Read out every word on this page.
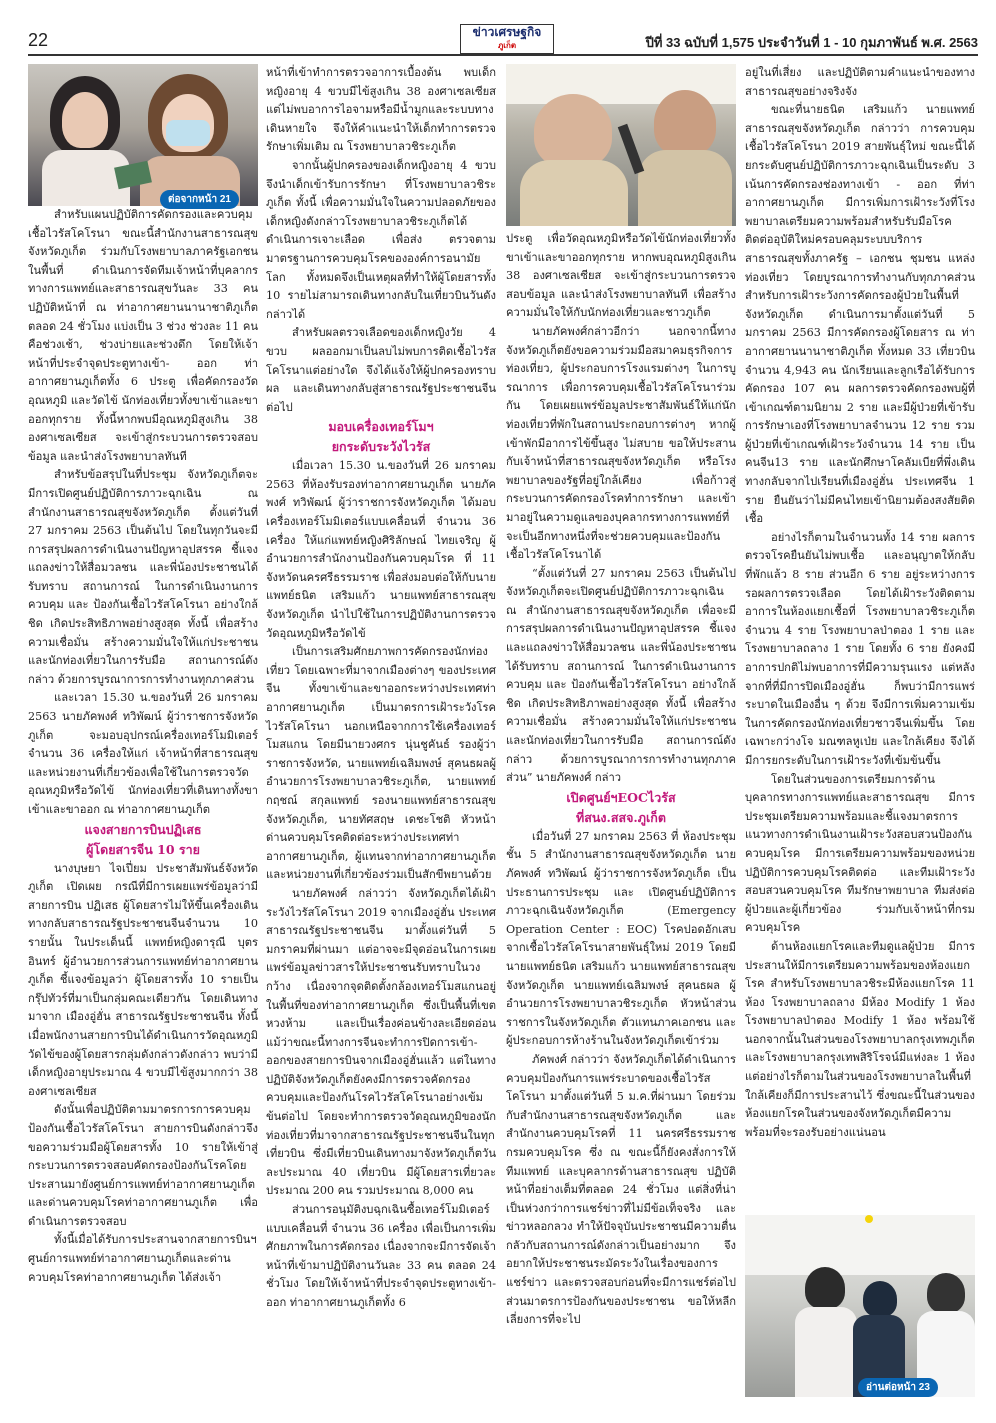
22	ข่าวเศรษฐกิจ
ภูเก็ต	ปีที่ 33 ฉบับที่ 1,575 ประจำวันที่ 1 - 10 กุมภาพันธ์ พ.ศ. 2563
ต่อจากหน้า 21
อ่านต่อหน้า 23

สำหรับแผนปฏิบัติการคัดกรองและควบคุมเชื้อไวรัสโคโรนา ขณะนี้สำนักงานสาธารณสุขจังหวัดภูเก็ต ร่วมกับโรงพยาบาลภาครัฐเอกชนในพื้นที่ ดำเนินการจัดทีมเจ้าหน้าที่บุคลากรทางการแพทย์และสาธารณสุขวันละ 33 คนปฏิบัติหน้าที่ ณ ท่าอากาศยานนานาชาติภูเก็ต ตลอด 24 ชั่วโมง แบ่งเป็น 3 ช่วง ช่วงละ 11 คน คือช่วงเช้า, ช่วงบ่ายและช่วงดึก โดยให้เจ้าหน้าที่ประจำจุดประตูทางเข้า- ออก ท่าอากาศยานภูเก็ตทั้ง 6 ประตู เพื่อคัดกรองวัดอุณหภูมิ และวัดไข้ นักท่องเที่ยวทั้งขาเข้าและขาออกทุกราย ทั้งนี้หากพบมีอุณหภูมิสูงเกิน 38 องศาเซลเซียส จะเข้าสู่กระบวนการตรวจสอบข้อมูล และนำส่งโรงพยาบาลทันที

สำหรับข้อสรุปในที่ประชุม จังหวัดภูเก็ตจะมีการเปิดศูนย์ปฏิบัติการภาวะฉุกเฉิน ณ สำนักงานสาธารณสุขจังหวัดภูเก็ต ตั้งแต่วันที่ 27 มกราคม 2563 เป็นต้นไป โดยในทุกวันจะมีการสรุปผลการดำเนินงานปัญหาอุปสรรค ชี้แจงแถลงข่าวให้สื่อมวลชน และพี่น้องประชาชนได้รับทราบ สถานการณ์ ในการดำเนินงานการควบคุม และ ป้องกันเชื้อไวรัสโคโรนา อย่างใกล้ชิด เกิดประสิทธิภาพอย่างสูงสุด ทั้งนี้ เพื่อสร้างความเชื่อมั่น สร้างความมั่นใจให้แก่ประชาชน และนักท่องเที่ยวในการรับมือ สถานการณ์ดังกล่าว ด้วยการบูรณาการการทำงานทุกภาคส่วน

และเวลา 15.30 น.ของวันที่ 26 มกราคม 2563 นายภัคพงศ์ ทวิพัฒน์ ผู้ว่าราชการจังหวัดภูเก็ต จะมอบอุปกรณ์เครื่องเทอร์โมมิเตอร์ จำนวน 36 เครื่องให้แก่ เจ้าหน้าที่สาธารณสุขและหน่วยงานที่เกี่ยวข้องเพื่อใช้ในการตรวจวัดอุณหภูมิหรือวัดไข้ นักท่องเที่ยวที่เดินทางทั้งขาเข้าและขาออก ณ ท่าอากาศยานภูเก็ต

แจงสายการบินปฏิเสธ
ผู้โดยสารจีน 10 ราย

นางบุษยา ไจเปี่ยม ประชาสัมพันธ์จังหวัดภูเก็ต เปิดเผย กรณีที่มีการเผยแพร่ข้อมูลว่ามีสายการบิน ปฏิเสธ ผู้โดยสารไม่ให้ขึ้นเครื่องเดินทางกลับสาธารณรัฐประชาชนจีนจำนวน 10 รายนั้น ในประเด็นนี้ แพทย์หญิงดารุณี บุตรอินทร์ ผู้อำนวยการส่วนการแพทย์ท่าอากาศยานภูเก็ต ชี้แจงข้อมูลว่า ผู้โดยสารทั้ง 10 รายเป็นกรุ๊ปทัวร์ที่มาเป็นกลุ่มคณะเดียวกัน โดยเดินทางมาจาก เมืองอู่ฮั่น สาธารณรัฐประชาชนจีน ทั้งนี้ เมื่อพนักงานสายการบินได้ดำเนินการวัดอุณหภูมิวัดไข้ของผู้โดยสารกลุ่มดังกล่าวดังกล่าว พบว่ามีเด็กหญิงอายุประมาณ 4 ขวบมีไข้สูงมากกว่า 38 องศาเซลเซียส

ดังนั้นเพื่อปฏิบัติตามมาตรการการควบคุมป้องกันเชื้อไวรัสโคโรนา สายการบินดังกล่าวจึงขอความร่วมมือผู้โดยสารทั้ง 10 รายให้เข้าสู่กระบวนการตรวจสอบคัดกรองป้องกันโรคโดยประสานมายังศูนย์การแพทย์ท่าอากาศยานภูเก็ต และด่านควบคุมโรคท่าอากาศยานภูเก็ต เพื่อดำเนินการตรวจสอบ

ทั้งนี้เมื่อได้รับการประสานจากสายการบินฯ ศูนย์การแพทย์ท่าอากาศยานภูเก็ตและด่านควบคุมโรคท่าอากาศยานภูเก็ต ได้ส่งเจ้า

หน้าที่เข้าทำการตรวจอาการเบื้องต้น พบเด็กหญิงอายุ 4 ขวบมีไข้สูงเกิน 38 องศาเซลเซียส แต่ไม่พบอาการไอจามหรือมีน้ำมูกและระบบทางเดินหายใจ จึงให้คำแนะนำให้เด็กทำการตรวจรักษาเพิ่มเติม ณ โรงพยาบาลวชิระภูเก็ต

จากนั้นผู้ปกครองของเด็กหญิงอายุ 4 ขวบจึงนำเด็กเข้ารับการรักษา ที่โรงพยาบาลวชิระภูเก็ต ทั้งนี้ เพื่อความมั่นใจในความปลอดภัยของเด็กหญิงดังกล่าวโรงพยาบาลวชิระภูเก็ตได้ดำเนินการเจาะเลือด เพื่อส่ง ตรวจตามมาตรฐานการควบคุมโรคขององค์การอนามัยโลก ทั้งหมดจึงเป็นเหตุผลที่ทำให้ผู้โดยสารทั้ง 10 รายไม่สามารถเดินทางกลับในเที่ยวบินวันดังกล่าวได้

สำหรับผลตรวจเลือดของเด็กหญิงวัย 4 ขวบ ผลออกมาเป็นลบไม่พบการติดเชื้อไวรัสโคโรนาแต่อย่างใด จึงได้แจ้งให้ผู้ปกครองทราบผล และเดินทางกลับสู่สาธารณรัฐประชาชนจีนต่อไป

มอบเครื่องเทอร์โมฯ
ยกระดับระวังไวรัส

เมื่อเวลา 15.30 น.ของวันที่ 26 มกราคม 2563 ที่ห้องรับรองท่าอากาศยานภูเก็ต นายภัคพงศ์ ทวิพัฒน์ ผู้ว่าราชการจังหวัดภูเก็ต ได้มอบเครื่องเทอร์โมมิเตอร์แบบเคลื่อนที่ จำนวน 36 เครื่อง ให้แก่แพทย์หญิงศิริลักษณ์ ไทยเจริญ ผู้อำนวยการสำนักงานป้องกันควบคุมโรค ที่ 11 จังหวัดนครศรีธรรมราช เพื่อส่งมอบต่อให้กับนายแพทย์ธนิต เสริมแก้ว นายแพทย์สาธารณสุขจังหวัดภูเก็ต นำไปใช้ในการปฏิบัติงานการตรวจวัดอุณหภูมิหรือวัดไข้

เป็นการเสริมศักยภาพการคัดกรองนักท่องเที่ยว โดยเฉพาะที่มาจากเมืองต่างๆ ของประเทศจีน ทั้งขาเข้าและขาออกระหว่างประเทศท่าอากาศยานภูเก็ต เป็นมาตรการเฝ้าระวังโรคไวรัสโคโรนา นอกเหนือจากการใช้เครื่องเทอร์โมสแกน โดยมีนายวงศกร นุ่นชูคันธ์ รองผู้ว่าราชการจังหวัด, นายแพทย์เฉลิมพงษ์ สุคนธผลผู้อำนวยการโรงพยาบาลวชิระภูเก็ต, นายแพทย์กฤชณ์ สกุลแพทย์ รองนายแพทย์สาธารณสุขจังหวัดภูเก็ต, นายทัศสฤษ เดชะโชติ หัวหน้าด่านควบคุมโรคติดต่อระหว่างประเทศท่าอากาศยานภูเก็ต, ผู้แทนจากท่าอากาศยานภูเก็ต และหน่วยงานที่เกี่ยวข้องร่วมเป็นสักขีพยานด้วย

นายภัคพงศ์ กล่าวว่า จังหวัดภูเก็ตได้เฝ้าระวังไวรัสโคโรนา 2019 จากเมืองอู่ฮั่น ประเทศสาธารณรัฐประชาชนจีน มาตั้งแต่วันที่ 5 มกราคมที่ผ่านมา แต่อาจจะมีจุดอ่อนในการเผยแพร่ข้อมูลข่าวสารให้ประชาชนรับทราบในวงกว้าง เนื่องจากจุดติดตั้งกล้องเทอร์โมสแกนอยู่ในพื้นที่ของท่าอากาศยานภูเก็ต ซึ่งเป็นพื้นที่เขตหวงห้าม และเป็นเรื่องค่อนข้างละเอียดอ่อน แม้ว่าขณะนี้ทางการจีนจะทำการปิดการเข้า-ออกของสายการบินจากเมืองอู่ฮั่นแล้ว แต่ในทางปฏิบัติจังหวัดภูเก็ตยังคงมีการตรวจคัดกรองควบคุมและป้องกันโรคไวรัสโคโรนาอย่างเข้มข้นต่อไป โดยจะทำการตรวจวัดอุณหภูมิของนักท่องเที่ยวที่มาจากสาธารณรัฐประชาชนจีนในทุกเที่ยวบิน ซึ่งมีเที่ยวบินเดินทางมาจังหวัดภูเก็ตวันละประมาณ 40 เที่ยวบิน มีผู้โดยสารเที่ยวละประมาณ 200 คน รวมประมาณ 8,000 คน

ส่วนการอนุมัติงบฉุกเฉินซื้อเทอร์โมมิเตอร์แบบเคลื่อนที่ จำนวน 36 เครื่อง เพื่อเป็นการเพิ่มศักยภาพในการคัดกรอง เนื่องจากจะมีการจัดเจ้าหน้าที่เข้ามาปฏิบัติงานวันละ 33 คน ตลอด 24 ชั่วโมง โดยให้เจ้าหน้าที่ประจำจุดประตูทางเข้า- ออก ท่าอากาศยานภูเก็ตทั้ง 6

ประตู เพื่อวัดอุณหภูมิหรือวัดไข้นักท่องเที่ยวทั้งขาเข้าและขาออกทุกราย หากพบอุณหภูมิสูงเกิน 38 องศาเซลเซียส จะเข้าสู่กระบวนการตรวจสอบข้อมูล และนำส่งโรงพยาบาลทันที เพื่อสร้างความมั่นใจให้กับนักท่องเที่ยวและชาวภูเก็ต

นายภัคพงศ์กล่าวอีกว่า นอกจากนี้ทางจังหวัดภูเก็ตยังขอความร่วมมือสมาคมธุรกิจการท่องเที่ยว, ผู้ประกอบการโรงแรมต่างๆ ในการบูรณาการ เพื่อการควบคุมเชื้อไวรัสโคโรนาร่วมกัน โดยเผยแพร่ข้อมูลประชาสัมพันธ์ให้แก่นักท่องเที่ยวที่พักในสถานประกอบการต่างๆ หากผู้เข้าพักมีอาการไข้ขึ้นสูง ไม่สบาย ขอให้ประสานกับเจ้าหน้าที่สาธารณสุขจังหวัดภูเก็ต หรือโรงพยาบาลของรัฐที่อยู่ใกล้เคียง เพื่อก้าวสู่กระบวนการคัดกรองโรคทำการรักษา และเข้ามาอยู่ในความดูแลของบุคลากรทางการแพทย์ที่จะเป็นอีกทางหนึ่งที่จะช่วยควบคุมและป้องกันเชื้อไวรัสโคโรนาได้

“ตั้งแต่วันที่ 27 มกราคม 2563 เป็นต้นไป จังหวัดภูเก็ตจะเปิดศูนย์ปฏิบัติการภาวะฉุกเฉิน ณ สำนักงานสาธารณสุขจังหวัดภูเก็ต เพื่อจะมีการสรุปผลการดำเนินงานปัญหาอุปสรรค ชี้แจง และแถลงข่าวให้สื่อมวลชน และพี่น้องประชาชน ได้รับทราบ สถานการณ์ ในการดำเนินงานการควบคุม และ ป้องกันเชื้อไวรัสโคโรนา อย่างใกล้ชิด เกิดประสิทธิภาพอย่างสูงสุด ทั้งนี้ เพื่อสร้างความเชื่อมั่น สร้างความมั่นใจให้แก่ประชาชนและนักท่องเที่ยวในการรับมือ สถานการณ์ดังกล่าว ด้วยการบูรณาการการทำงานทุกภาคส่วน” นายภัคพงศ์ กล่าว

เปิดศูนย์ฯEOCไวรัส
ที่สนง.สสจ.ภูเก็ต

เมื่อวันที่ 27 มกราคม 2563 ที่ ห้องประชุมชั้น 5 สำนักงานสาธารณสุขจังหวัดภูเก็ต นายภัคพงศ์ ทวิพัฒน์ ผู้ว่าราชการจังหวัดภูเก็ต เป็นประธานการประชุม และ เปิดศูนย์ปฏิบัติการภาวะฉุกเฉินจังหวัดภูเก็ต (Emergency Operation Center : EOC) โรคปอดอักเสบจากเชื้อไวรัสโคโรนาสายพันธุ์ใหม่ 2019 โดยมี นายแพทย์ธนิต เสริมแก้ว นายแพทย์สาธารณสุขจังหวัดภูเก็ต นายแพทย์เฉลิมพงษ์ สุคนธผล ผู้อำนวยการโรงพยาบาลวชิระภูเก็ต หัวหน้าส่วนราชการในจังหวัดภูเก็ต ตัวแทนภาคเอกชน และผู้ประกอบการห้างร้านในจังหวัดภูเก็ตเข้าร่วม

ภัคพงศ์ กล่าวว่า จังหวัดภูเก็ตได้ดำเนินการควบคุมป้องกันการแพร่ระบาดของเชื้อไวรัสโคโรนา มาตั้งแต่วันที่ 5 ม.ค.ที่ผ่านมา โดยร่วมกับสำนักงานสาธารณสุขจังหวัดภูเก็ต และสำนักงานควบคุมโรคที่ 11 นครศรีธรรมราช กรมควบคุมโรค ซึ่ง ณ ขณะนี้ก็ยังคงสั่งการให้ทีมแพทย์ และบุคลากรด้านสาธารณสุข ปฏิบัติหน้าที่อย่างเต็มที่ตลอด 24 ชั่วโมง แต่สิ่งที่น่าเป็นห่วงกว่าการแชร์ข่าวที่ไม่มีข้อเท็จจริง และข่าวหลอกลวง ทำให้ปัจจุบันประชาชนมีความตื่นกลัวกับสถานการณ์ดังกล่าวเป็นอย่างมาก จึงอยากให้ประชาชนระมัดระวังในเรื่องของการแชร์ข่าว และตรวจสอบก่อนที่จะมีการแชร์ต่อไป ส่วนมาตรการป้องกันของประชาชน ขอให้หลีกเลี่ยงการที่จะไป

อยู่ในที่เสี่ยง และปฏิบัติตามคำแนะนำของทางสาธารณสุขอย่างจริงจัง

ขณะที่นายธนิต เสริมแก้ว นายแพทย์สาธารณสุขจังหวัดภูเก็ต กล่าวว่า การควบคุมเชื้อไวรัสโคโรนา 2019 สายพันธุ์ใหม่ ขณะนี้ได้ยกระดับศูนย์ปฏิบัติการภาวะฉุกเฉินเป็นระดับ 3 เน้นการคัดกรองช่องทางเข้า - ออก ที่ท่าอากาศยานภูเก็ต มีการเพิ่มการเฝ้าระวังที่โรงพยาบาลเตรียมความพร้อมสำหรับรับมือโรคติดต่ออุบัติใหม่ครอบคลุมระบบบริการสาธารณสุขทั้งภาครัฐ – เอกชน ชุมชน แหล่งท่องเที่ยว โดยบูรณาการทำงานกับทุกภาคส่วนสำหรับการเฝ้าระวังการคัดกรองผู้ป่วยในพื้นที่จังหวัดภูเก็ต ดำเนินการมาตั้งแต่วันที่ 5 มกราคม 2563 มีการคัดกรองผู้โดยสาร ณ ท่าอากาศยานนานาชาติภูเก็ต ทั้งหมด 33 เที่ยวบิน จำนวน 4,943 คน นักเรียนและลูกเรือได้รับการคัดกรอง 107 คน ผลการตรวจคัดกรองพบผู้ที่เข้าเกณฑ์ตามนิยาม 2 ราย และมีผู้ป่วยที่เข้ารับการรักษาเองที่โรงพยาบาลจำนวน 12 ราย รวมผู้ป่วยที่เข้าเกณฑ์เฝ้าระวังจำนวน 14 ราย เป็นคนจีน13 ราย และนักศึกษาโคลัมเบียที่พึ่งเดินทางกลับจากไปเรียนที่เมืองอู่ฮั่น ประเทศจีน 1 ราย ยืนยันว่าไม่มีคนไทยเข้านิยามต้องสงสัยติดเชื้อ

อย่างไรก็ตามในจำนวนทั้ง 14 ราย ผลการตรวจโรคยืนยันไม่พบเชื้อ และอนุญาตให้กลับที่พักแล้ว 8 ราย ส่วนอีก 6 ราย อยู่ระหว่างการรอผลการตรวจเลือด โดยได้เฝ้าระวังติดตามอาการในห้องแยกเชื้อที่ โรงพยาบาลวชิระภูเก็ต จำนวน 4 ราย โรงพยาบาลป่าตอง 1 ราย และโรงพยาบาลถลาง 1 ราย โดยทั้ง 6 ราย ยังคงมีอาการปกติไม่พบอาการที่มีความรุนแรง แต่หลังจากที่ที่มีการปิดเมืองอู่ฮั่น ก็พบว่ามีการแพร่ระบาดในเมืองอื่น ๆ ด้วย จึงมีการเพิ่มความเข้มในการคัดกรองนักท่องเที่ยวชาวจีนเพิ่มขึ้น โดยเฉพาะกว่างโจ มณฑลหูเป่ย และใกล้เคียง จึงได้มีการยกระดับในการเฝ้าระวังที่เข้มข้นขึ้น

โดยในส่วนของการเตรียมการด้านบุคลากรทางการแพทย์และสาธารณสุข มีการประชุมเตรียมความพร้อมและชี้แจงมาตรการแนวทางการดำเนินงานเฝ้าระวังสอบสวนป้องกันควบคุมโรค มีการเตรียมความพร้อมของหน่วยปฏิบัติการควบคุมโรคติดต่อ และทีมเฝ้าระวังสอบสวนควบคุมโรค ทีมรักษาพยาบาล ทีมส่งต่อผู้ป่วยและผู้เกี่ยวข้อง ร่วมกับเจ้าหน้าที่กรมควบคุมโรค

ด้านห้องแยกโรคและทีมดูแลผู้ป่วย มีการประสานให้มีการเตรียมความพร้อมของห้องแยกโรค สำหรับโรงพยาบาลวชิระมีห้องแยกโรค 11 ห้อง โรงพยาบาลถลาง มีห้อง Modify 1 ห้อง โรงพยาบาลป่าตอง Modify 1 ห้อง พร้อมใช้ นอกจากนั้นในส่วนของโรงพยาบาลกรุงเทพภูเก็ต และโรงพยาบาลกรุงเทพสิริโรจน์มีแห่งละ 1 ห้อง แต่อย่างไรก็ตามในส่วนของโรงพยาบาลในพื้นที่ใกล้เคียงก็มีการประสานไว้ ซึ่งขณะนี้ในส่วนของห้องแยกโรคในส่วนของจังหวัดภูเก็ตมีความพร้อมที่จะรองรับอย่างแน่นอน
